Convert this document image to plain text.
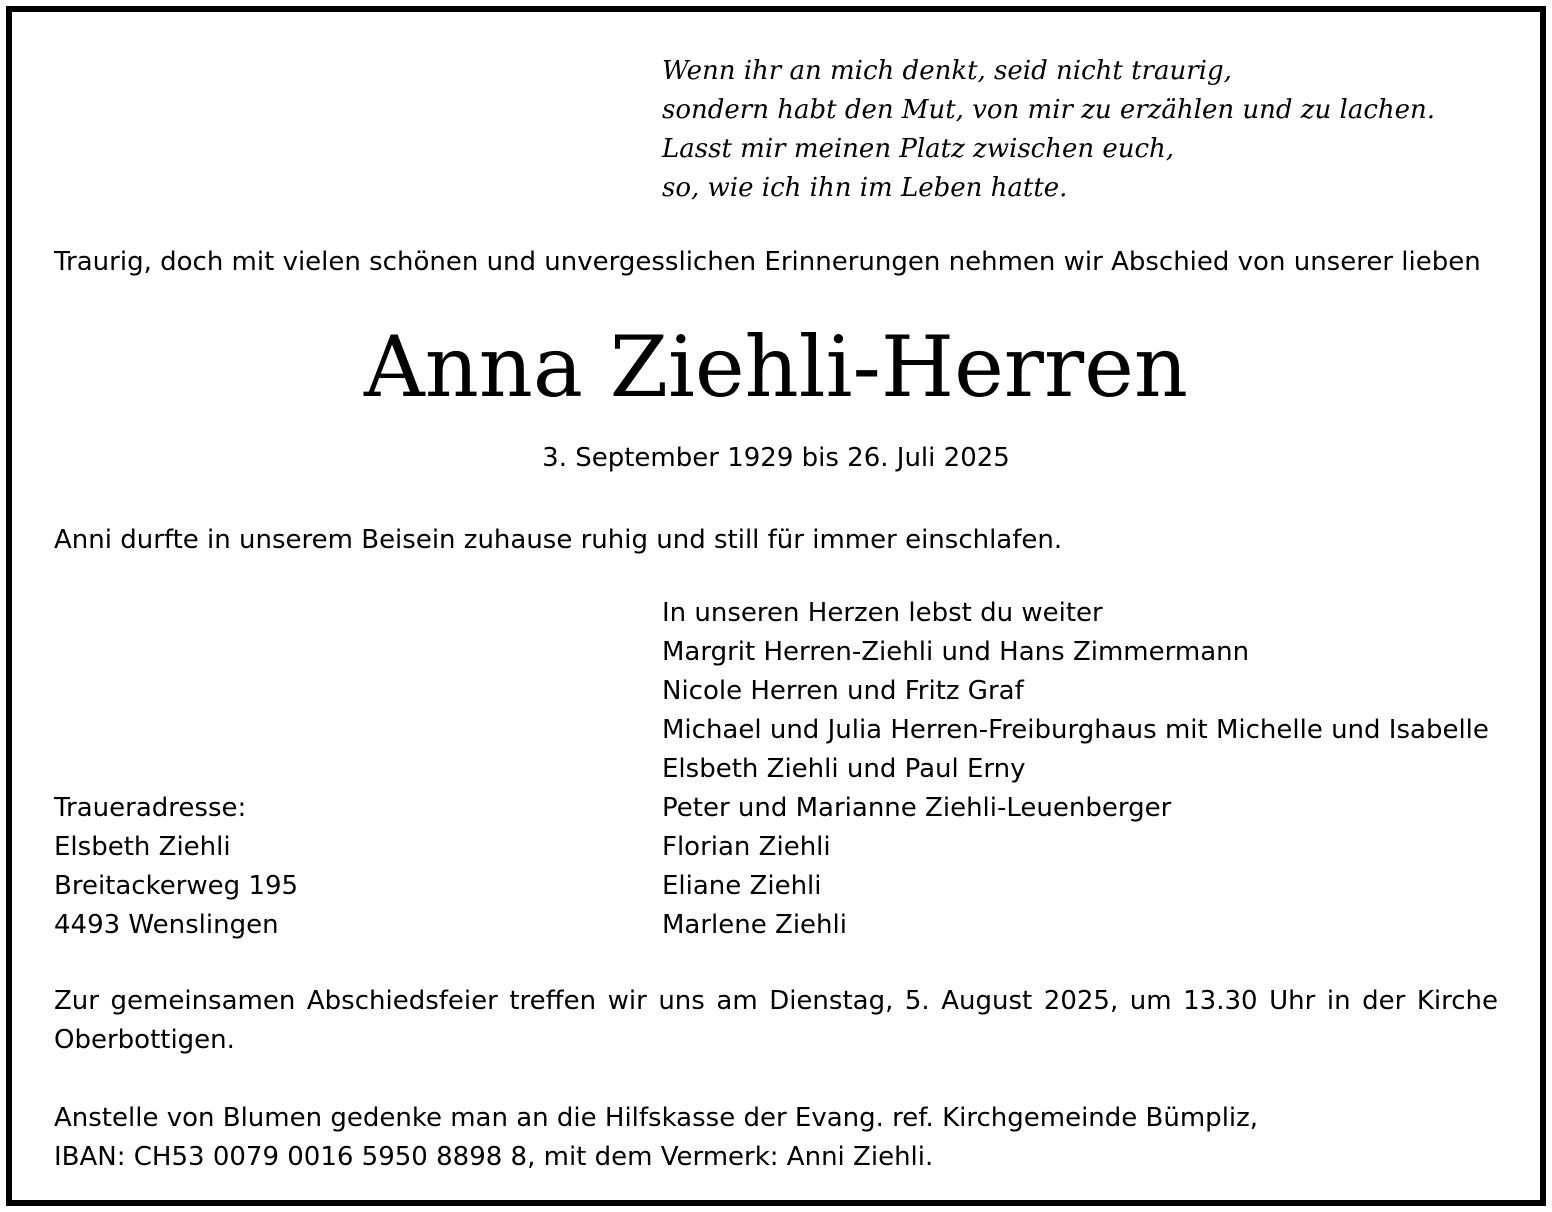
Wenn ihr an mich denkt, seid nicht traurig,
sondern habt den Mut, von mir zu erzählen und zu lachen.
Lasst mir meinen Platz zwischen euch,
so, wie ich ihn im Leben hatte.
Traurig, doch mit vielen schönen und unvergesslichen Erinnerungen nehmen wir Abschied von unserer lieben
Anna Ziehli-Herren
3. September 1929 bis 26. Juli 2025
Anni durfte in unserem Beisein zuhause ruhig und still für immer einschlafen.
In unseren Herzen lebst du weiter
Margrit Herren-Ziehli und Hans Zimmermann
Nicole Herren und Fritz Graf
Michael und Julia Herren-Freiburghaus mit Michelle und Isabelle
Elsbeth Ziehli und Paul Erny
Peter und Marianne Ziehli-Leuenberger
Florian Ziehli
Eliane Ziehli
Marlene Ziehli
Traueradresse:
Elsbeth Ziehli
Breitackerweg 195
4493 Wenslingen
Zur gemeinsamen Abschiedsfeier treffen wir uns am Dienstag, 5. August 2025, um 13.30 Uhr in der Kirche Oberbottigen.
Anstelle von Blumen gedenke man an die Hilfskasse der Evang. ref. Kirchgemeinde Bümpliz,
IBAN: CH53 0079 0016 5950 8898 8, mit dem Vermerk: Anni Ziehli.
